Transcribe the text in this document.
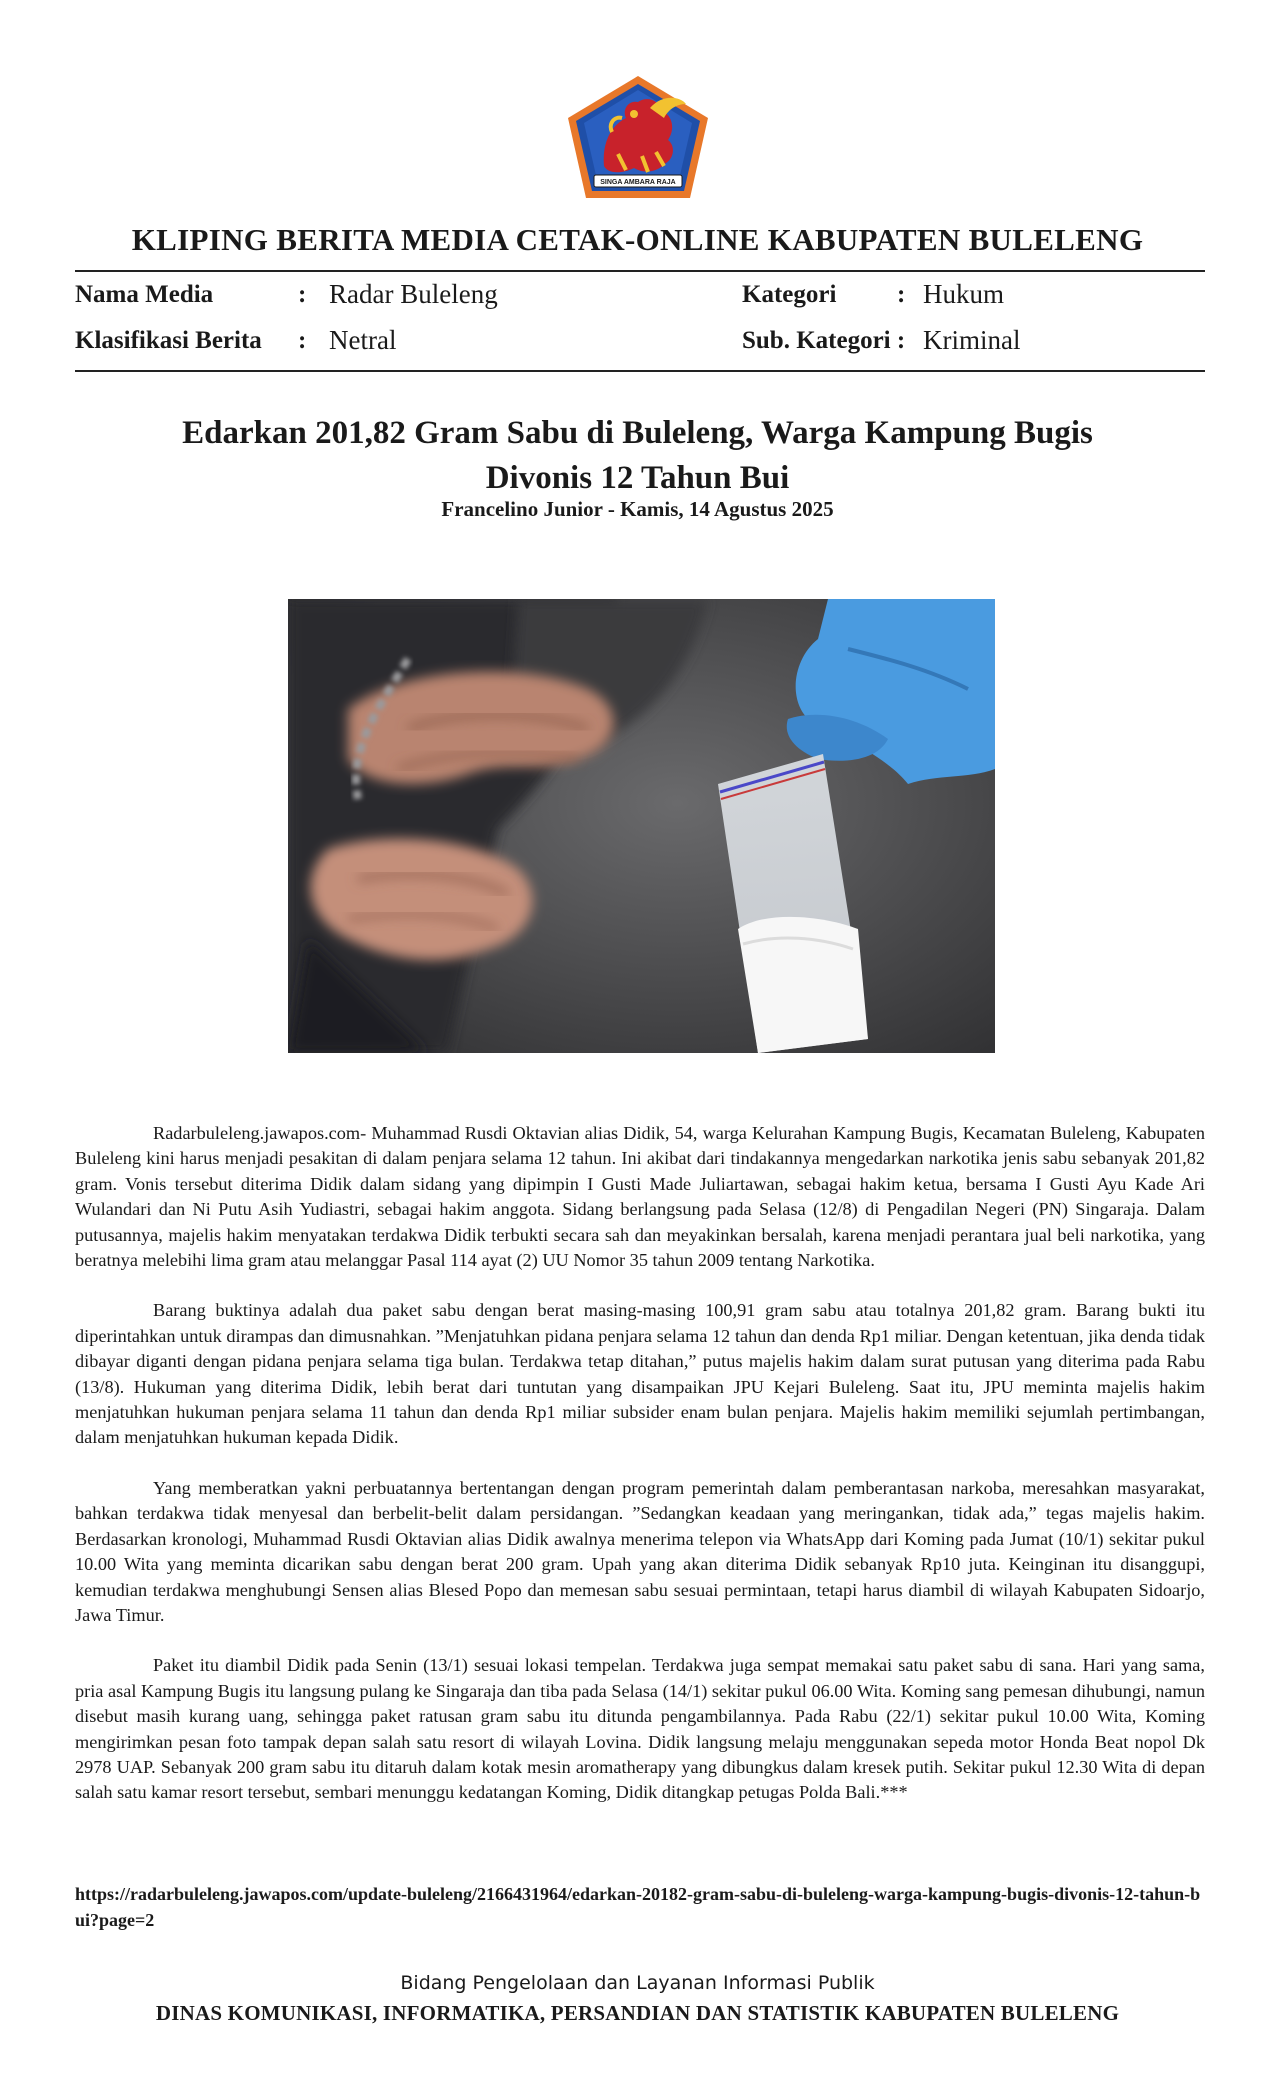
SINGA AMBARA RAJA
KLIPING BERITA MEDIA CETAK-ONLINE KABUPATEN BULELENG
Nama Media	: Radar Buleleng
Klasifikasi Berita : Netral
Kategori : Hukum
Sub. Kategori : Kriminal
Edarkan 201,82 Gram Sabu di Buleleng, Warga Kampung Bugis
Divonis 12 Tahun Bui
Francelino Junior - Kamis, 14 Agustus 2025

Radarbuleleng.jawapos.com- Muhammad Rusdi Oktavian alias Didik, 54, warga Kelurahan Kampung Bugis, Kecamatan Buleleng, Kabupaten Buleleng kini harus menjadi pesakitan di dalam penjara selama 12 tahun. Ini akibat dari tindakannya mengedarkan narkotika jenis sabu sebanyak 201,82 gram. Vonis tersebut diterima Didik dalam sidang yang dipimpin I Gusti Made Juliartawan, sebagai hakim ketua, bersama I Gusti Ayu Kade Ari Wulandari dan Ni Putu Asih Yudiastri, sebagai hakim anggota. Sidang berlangsung pada Selasa (12/8) di Pengadilan Negeri (PN) Singaraja. Dalam putusannya, majelis hakim menyatakan terdakwa Didik terbukti secara sah dan meyakinkan bersalah, karena menjadi perantara jual beli narkotika, yang beratnya melebihi lima gram atau melanggar Pasal 114 ayat (2) UU Nomor 35 tahun 2009 tentang Narkotika.

Barang buktinya adalah dua paket sabu dengan berat masing-masing 100,91 gram sabu atau totalnya 201,82 gram. Barang bukti itu diperintahkan untuk dirampas dan dimusnahkan. ”Menjatuhkan pidana penjara selama 12 tahun dan denda Rp1 miliar. Dengan ketentuan, jika denda tidak dibayar diganti dengan pidana penjara selama tiga bulan. Terdakwa tetap ditahan,” putus majelis hakim dalam surat putusan yang diterima pada Rabu (13/8). Hukuman yang diterima Didik, lebih berat dari tuntutan yang disampaikan JPU Kejari Buleleng. Saat itu, JPU meminta majelis hakim menjatuhkan hukuman penjara selama 11 tahun dan denda Rp1 miliar subsider enam bulan penjara. Majelis hakim memiliki sejumlah pertimbangan, dalam menjatuhkan hukuman kepada Didik.

Yang memberatkan yakni perbuatannya bertentangan dengan program pemerintah dalam pemberantasan narkoba, meresahkan masyarakat, bahkan terdakwa tidak menyesal dan berbelit-belit dalam persidangan. ”Sedangkan keadaan yang meringankan, tidak ada,” tegas majelis hakim. Berdasarkan kronologi, Muhammad Rusdi Oktavian alias Didik awalnya menerima telepon via WhatsApp dari Koming pada Jumat (10/1) sekitar pukul 10.00 Wita yang meminta dicarikan sabu dengan berat 200 gram. Upah yang akan diterima Didik sebanyak Rp10 juta. Keinginan itu disanggupi, kemudian terdakwa menghubungi Sensen alias Blesed Popo dan memesan sabu sesuai permintaan, tetapi harus diambil di wilayah Kabupaten Sidoarjo, Jawa Timur.

Paket itu diambil Didik pada Senin (13/1) sesuai lokasi tempelan. Terdakwa juga sempat memakai satu paket sabu di sana. Hari yang sama, pria asal Kampung Bugis itu langsung pulang ke Singaraja dan tiba pada Selasa (14/1) sekitar pukul 06.00 Wita. Koming sang pemesan dihubungi, namun disebut masih kurang uang, sehingga paket ratusan gram sabu itu ditunda pengambilannya. Pada Rabu (22/1) sekitar pukul 10.00 Wita, Koming mengirimkan pesan foto tampak depan salah satu resort di wilayah Lovina. Didik langsung melaju menggunakan sepeda motor Honda Beat nopol Dk 2978 UAP. Sebanyak 200 gram sabu itu ditaruh dalam kotak mesin aromatherapy yang dibungkus dalam kresek putih. Sekitar pukul 12.30 Wita di depan salah satu kamar resort tersebut, sembari menunggu kedatangan Koming, Didik ditangkap petugas Polda Bali.***

https://radarbuleleng.jawapos.com/update-buleleng/2166431964/edarkan-20182-gram-sabu-di-buleleng-warga-kampung-bugis-divonis-12-tahun-bui?page=2
Bidang Pengelolaan dan Layanan Informasi Publik
DINAS KOMUNIKASI, INFORMATIKA, PERSANDIAN DAN STATISTIK KABUPATEN BULELENG
